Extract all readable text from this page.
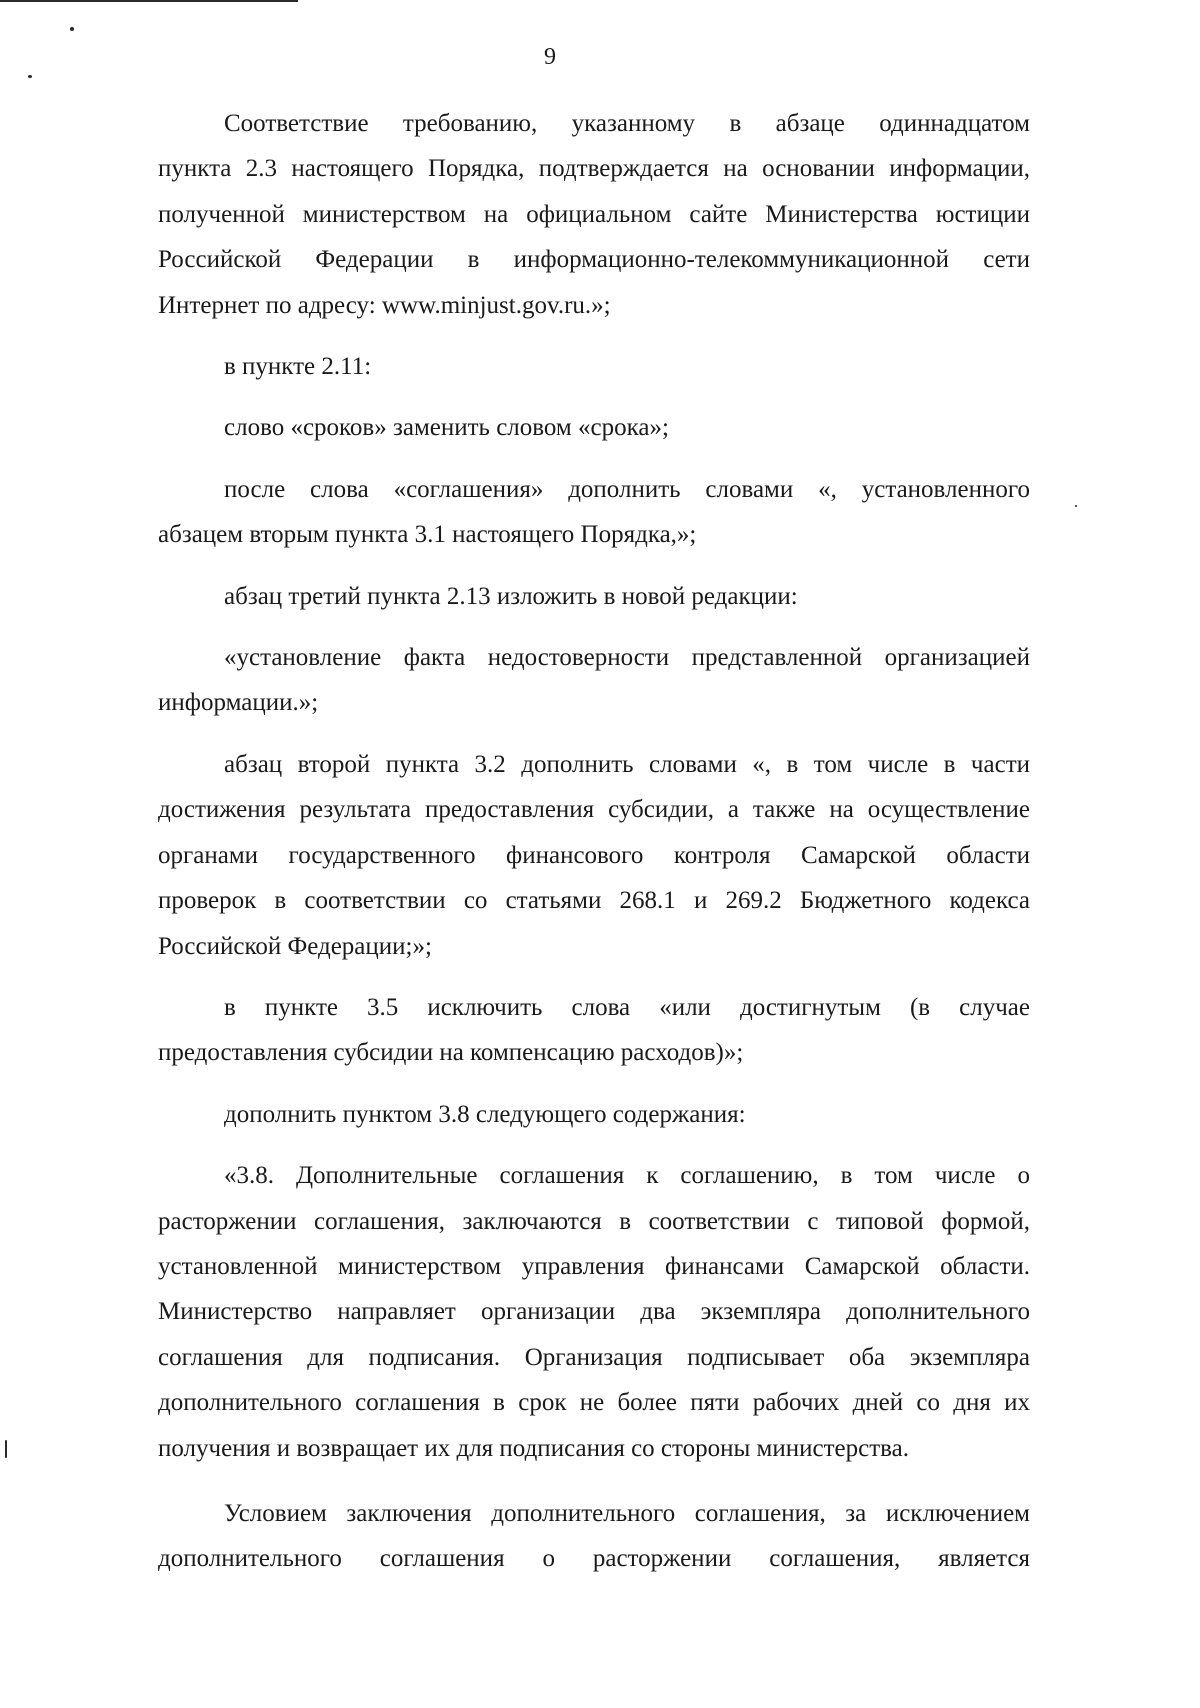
9
Соответствие требованию, указанному в абзаце одиннадцатом
пункта 2.3 настоящего Порядка, подтверждается на основании информации,
полученной министерством на официальном сайте Министерства юстиции
Российской Федерации в информационно-телекоммуникационной сети
Интернет по адресу: www.minjust.gov.ru.»;
в пункте 2.11:
слово «сроков» заменить словом «срока»;
после слова «соглашения» дополнить словами «, установленного
абзацем вторым пункта 3.1 настоящего Порядка,»;
абзац третий пункта 2.13 изложить в новой редакции:
«установление факта недостоверности представленной организацией
информации.»;
абзац второй пункта 3.2 дополнить словами «, в том числе в части
достижения результата предоставления субсидии, а также на осуществление
органами государственного финансового контроля Самарской области
проверок в соответствии со статьями 268.1 и 269.2 Бюджетного кодекса
Российской Федерации;»;
в пункте 3.5 исключить слова «или достигнутым (в случае
предоставления субсидии на компенсацию расходов)»;
дополнить пунктом 3.8 следующего содержания:
«3.8. Дополнительные соглашения к соглашению, в том числе о
расторжении соглашения, заключаются в соответствии с типовой формой,
установленной министерством управления финансами Самарской области.
Министерство направляет организации два экземпляра дополнительного
соглашения для подписания. Организация подписывает оба экземпляра
дополнительного соглашения в срок не более пяти рабочих дней со дня их
получения и возвращает их для подписания со стороны министерства.
Условием заключения дополнительного соглашения, за исключением
дополнительного соглашения о расторжении соглашения, является
